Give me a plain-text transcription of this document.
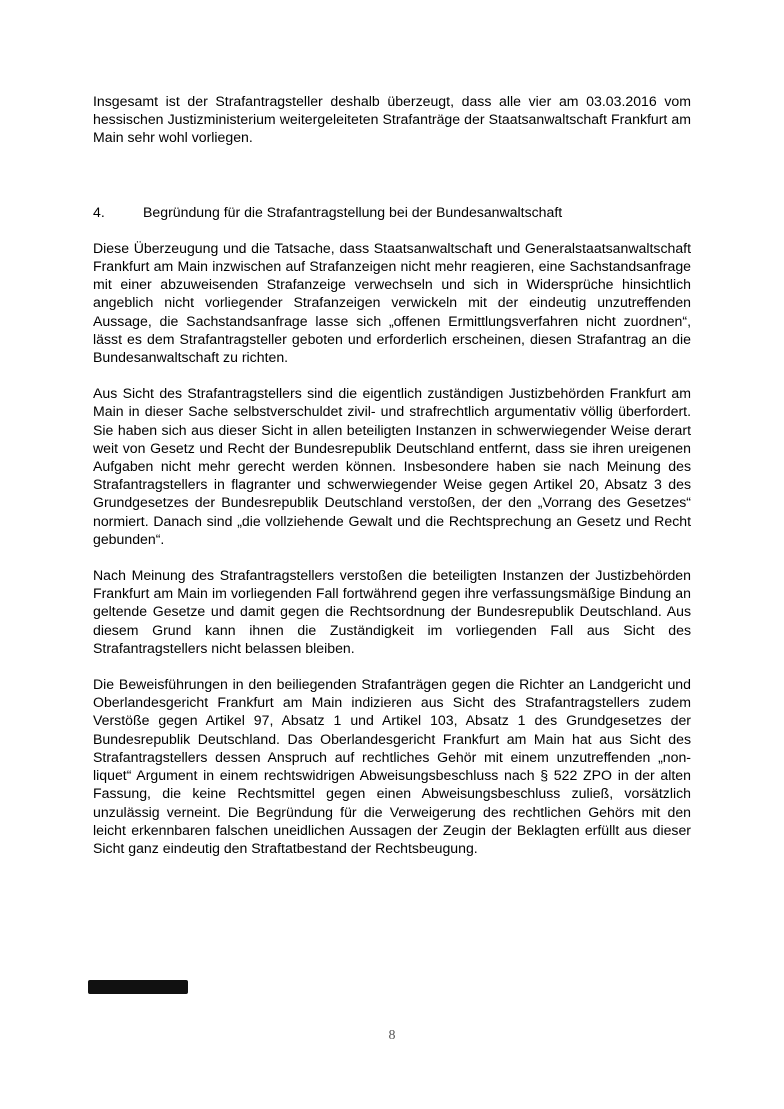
Insgesamt ist der Strafantragsteller deshalb überzeugt, dass alle vier am 03.03.2016 vom hessischen Justizministerium weitergeleiteten Strafanträge der Staatsanwaltschaft Frankfurt am Main sehr wohl vorliegen.

4.	Begründung für die Strafantragstellung bei der Bundesanwaltschaft

Diese Überzeugung und die Tatsache, dass Staatsanwaltschaft und Generalstaatsanwaltschaft Frankfurt am Main inzwischen auf Strafanzeigen nicht mehr reagieren, eine Sachstandsanfrage mit einer abzuweisenden Strafanzeige verwechseln und sich in Widersprüche hinsichtlich angeblich nicht vorliegender Strafanzeigen verwickeln mit der eindeutig unzutreffenden Aussage, die Sachstandsanfrage lasse sich „offenen Ermittlungsverfahren nicht zuordnen“, lässt es dem Strafantragsteller geboten und erforderlich erscheinen, diesen Strafantrag an die Bundesanwaltschaft zu richten.

Aus Sicht des Strafantragstellers sind die eigentlich zuständigen Justizbehörden Frankfurt am Main in dieser Sache selbstverschuldet zivil- und strafrechtlich argumentativ völlig überfordert. Sie haben sich aus dieser Sicht in allen beteiligten Instanzen in schwerwiegender Weise derart weit von Gesetz und Recht der Bundesrepublik Deutschland entfernt, dass sie ihren ureigenen Aufgaben nicht mehr gerecht werden können. Insbesondere haben sie nach Meinung des Strafantragstellers in flagranter und schwerwiegender Weise gegen Artikel 20, Absatz 3 des Grundgesetzes der Bundesrepublik Deutschland verstoßen, der den „Vorrang des Gesetzes“ normiert. Danach sind „die vollziehende Gewalt und die Rechtsprechung an Gesetz und Recht gebunden“.

Nach Meinung des Strafantragstellers verstoßen die beteiligten Instanzen der Justizbehörden Frankfurt am Main im vorliegenden Fall fortwährend gegen ihre verfassungsmäßige Bindung an geltende Gesetze und damit gegen die Rechtsordnung der Bundesrepublik Deutschland. Aus diesem Grund kann ihnen die Zuständigkeit im vorliegenden Fall aus Sicht des Strafantragstellers nicht belassen bleiben.

Die Beweisführungen in den beiliegenden Strafanträgen gegen die Richter an Landgericht und Oberlandesgericht Frankfurt am Main indizieren aus Sicht des Strafantragstellers zudem Verstöße gegen Artikel 97, Absatz 1 und Artikel 103, Absatz 1 des Grundgesetzes der Bundesrepublik Deutschland. Das Oberlandesgericht Frankfurt am Main hat aus Sicht des Strafantragstellers dessen Anspruch auf rechtliches Gehör mit einem unzutreffenden „non-liquet“ Argument in einem rechtswidrigen Abweisungsbeschluss nach § 522 ZPO in der alten Fassung, die keine Rechtsmittel gegen einen Abweisungsbeschluss zuließ, vorsätzlich unzulässig verneint. Die Begründung für die Verweigerung des rechtlichen Gehörs mit den leicht erkennbaren falschen uneidlichen Aussagen der Zeugin der Beklagten erfüllt aus dieser Sicht ganz eindeutig den Straftatbestand der Rechtsbeugung.

8
